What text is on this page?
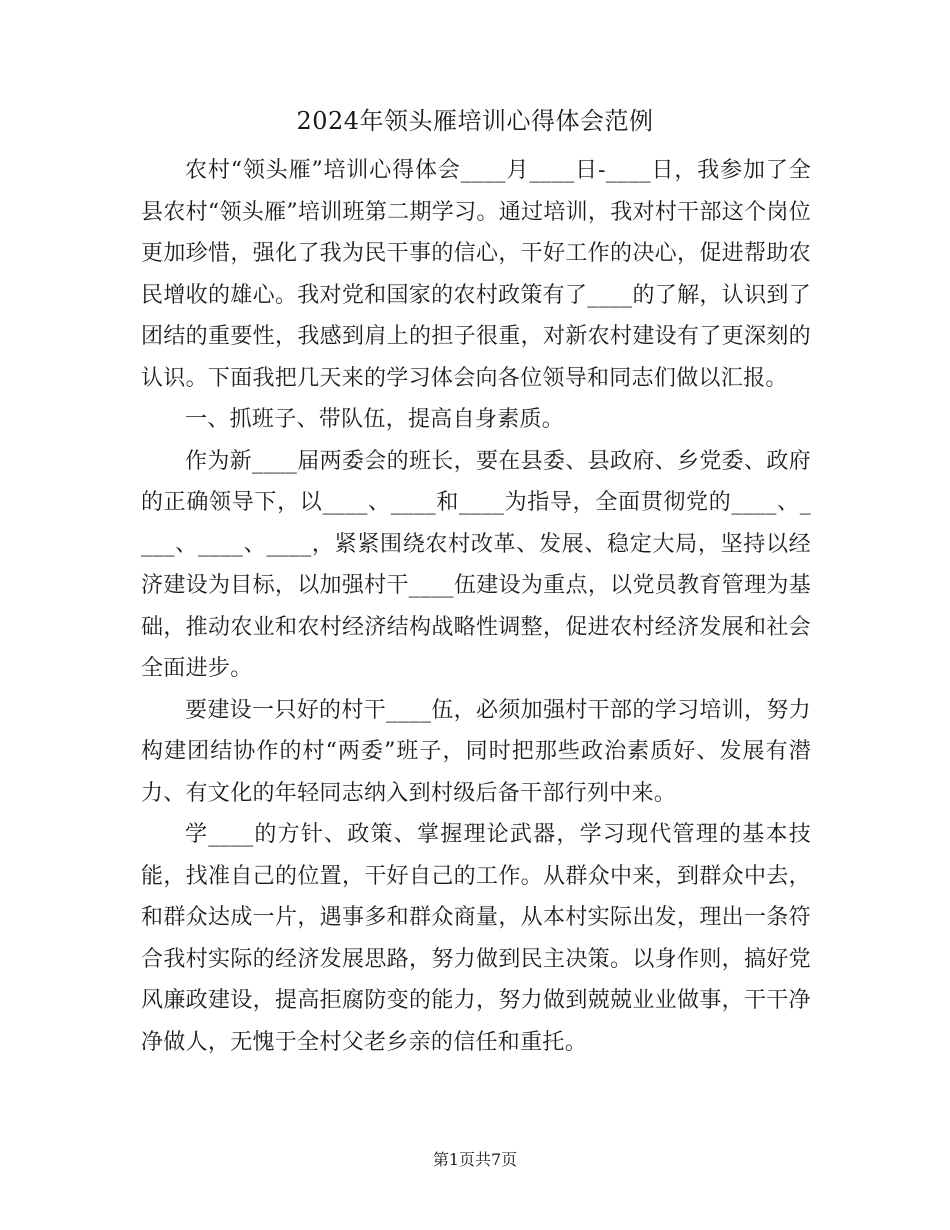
2024年领头雁培训心得体会范例

农村“领头雁”培训心得体会____月____日-____日，我参加了全县农村“领头雁”培训班第二期学习。通过培训，我对村干部这个岗位更加珍惜，强化了我为民干事的信心，干好工作的决心，促进帮助农民增收的雄心。我对党和国家的农村政策有了____的了解，认识到了团结的重要性，我感到肩上的担子很重，对新农村建设有了更深刻的认识。下面我把几天来的学习体会向各位领导和同志们做以汇报。

一、抓班子、带队伍，提高自身素质。

作为新____届两委会的班长，要在县委、县政府、乡党委、政府的正确领导下，以____、____和____为指导，全面贯彻党的____、____、____、____，紧紧围绕农村改革、发展、稳定大局，坚持以经济建设为目标，以加强村干____伍建设为重点，以党员教育管理为基础，推动农业和农村经济结构战略性调整，促进农村经济发展和社会全面进步。

要建设一只好的村干____伍，必须加强村干部的学习培训，努力构建团结协作的村“两委”班子，同时把那些政治素质好、发展有潜力、有文化的年轻同志纳入到村级后备干部行列中来。

学____的方针、政策、掌握理论武器，学习现代管理的基本技能，找准自己的位置，干好自己的工作。从群众中来，到群众中去，和群众达成一片，遇事多和群众商量，从本村实际出发，理出一条符合我村实际的经济发展思路，努力做到民主决策。以身作则，搞好党风廉政建设，提高拒腐防变的能力，努力做到兢兢业业做事，干干净净做人，无愧于全村父老乡亲的信任和重托。

第1页共7页
